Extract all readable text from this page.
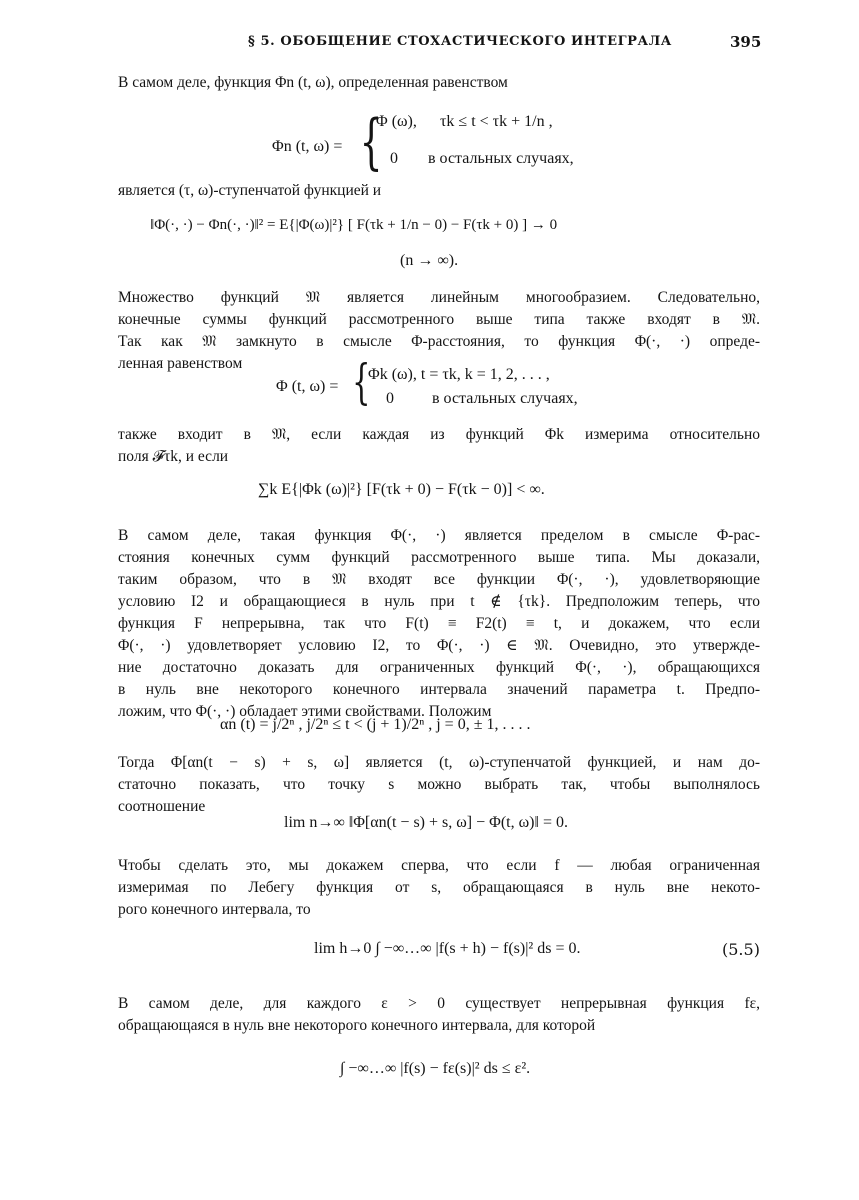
§ 5. ОБОБЩЕНИЕ СТОХАСТИЧЕСКОГО ИНТЕГРАЛА	395
В самом деле, функция Φn (t, ω), определенная равенством
Φn (t, ω) = {
Φ (ω), τk ≤ t < τk + 1/n ,
0 в остальных случаях,
является (τ, ω)-ступенчатой функцией и
‖Φ(·, ·) − Φn(·, ·)‖² = E{|Φ(ω)|²} [ F(τk + 1/n − 0) − F(τk + 0) ] → 0
(n → ∞).
Множество функций 𝔐 является линейным многообразием. Следовательно,
конечные суммы функций рассмотренного выше типа также входят в 𝔐.
Так как 𝔐 замкнуто в смысле Φ-расстояния, то функция Φ(·, ·) опреде-
ленная равенством
Φ (t, ω) = {
Φk (ω), t = τk, k = 1, 2, . . . ,
0 в остальных случаях,
также входит в 𝔐, если каждая из функций Φk измерима относительно
поля 𝓕τk, и если
∑k E{|Φk (ω)|²} [F(τk + 0) − F(τk − 0)] < ∞.
В самом деле, такая функция Φ(·, ·) является пределом в смысле Φ-рас-
стояния конечных сумм функций рассмотренного выше типа. Мы доказали,
таким образом, что в 𝔐 входят все функции Φ(·, ·), удовлетворяющие
условию I2 и обращающиеся в нуль при t ∉ {τk}. Предположим теперь, что
функция F непрерывна, так что F(t) ≡ F2(t) ≡ t, и докажем, что если
Φ(·, ·) удовлетворяет условию I2, то Φ(·, ·) ∈ 𝔐. Очевидно, это утвержде-
ние достаточно доказать для ограниченных функций Φ(·, ·), обращающихся
в нуль вне некоторого конечного интервала значений параметра t. Предпо-
ложим, что Φ(·, ·) обладает этими свойствами. Положим
αn (t) = j/2ⁿ , j/2ⁿ ≤ t < (j + 1)/2ⁿ , j = 0, ± 1, . . . .
Тогда Φ[αn(t − s) + s, ω] является (t, ω)-ступенчатой функцией, и нам до-
статочно показать, что точку s можно выбрать так, чтобы выполнялось
соотношение
lim n→∞ ‖Φ[αn(t − s) + s, ω] − Φ(t, ω)‖ = 0.
Чтобы сделать это, мы докажем сперва, что если f — любая ограниченная
измеримая по Лебегу функция от s, обращающаяся в нуль вне некото-
рого конечного интервала, то
lim h→0 ∫ −∞…∞ |f(s + h) − f(s)|² ds = 0.	(5.5)
В самом деле, для каждого ε > 0 существует непрерывная функция fε,
обращающаяся в нуль вне некоторого конечного интервала, для которой
∫ −∞…∞ |f(s) − fε(s)|² ds ≤ ε².
